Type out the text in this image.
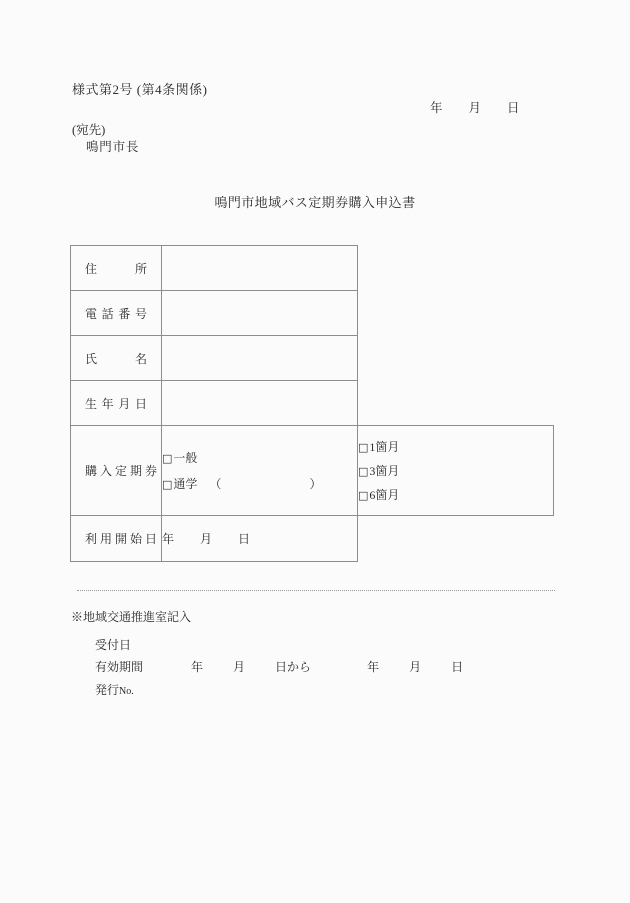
様式第2号 (第4条関係)
年 月 日
(宛先)
鳴門市長
鳴門市地域バス定期券購入申込書
住　　　所		

電 話 番 号		

氏　　　名		

生 年 月 日		

購 入 定 期 券

□一般
□通学 （	）

□1箇月
□3箇月
□6箇月

利 用 開 始 日	年 月 日	
※地域交通推進室記入
受付日
有効期間	年	月	日から	年	月	日
発行No.
